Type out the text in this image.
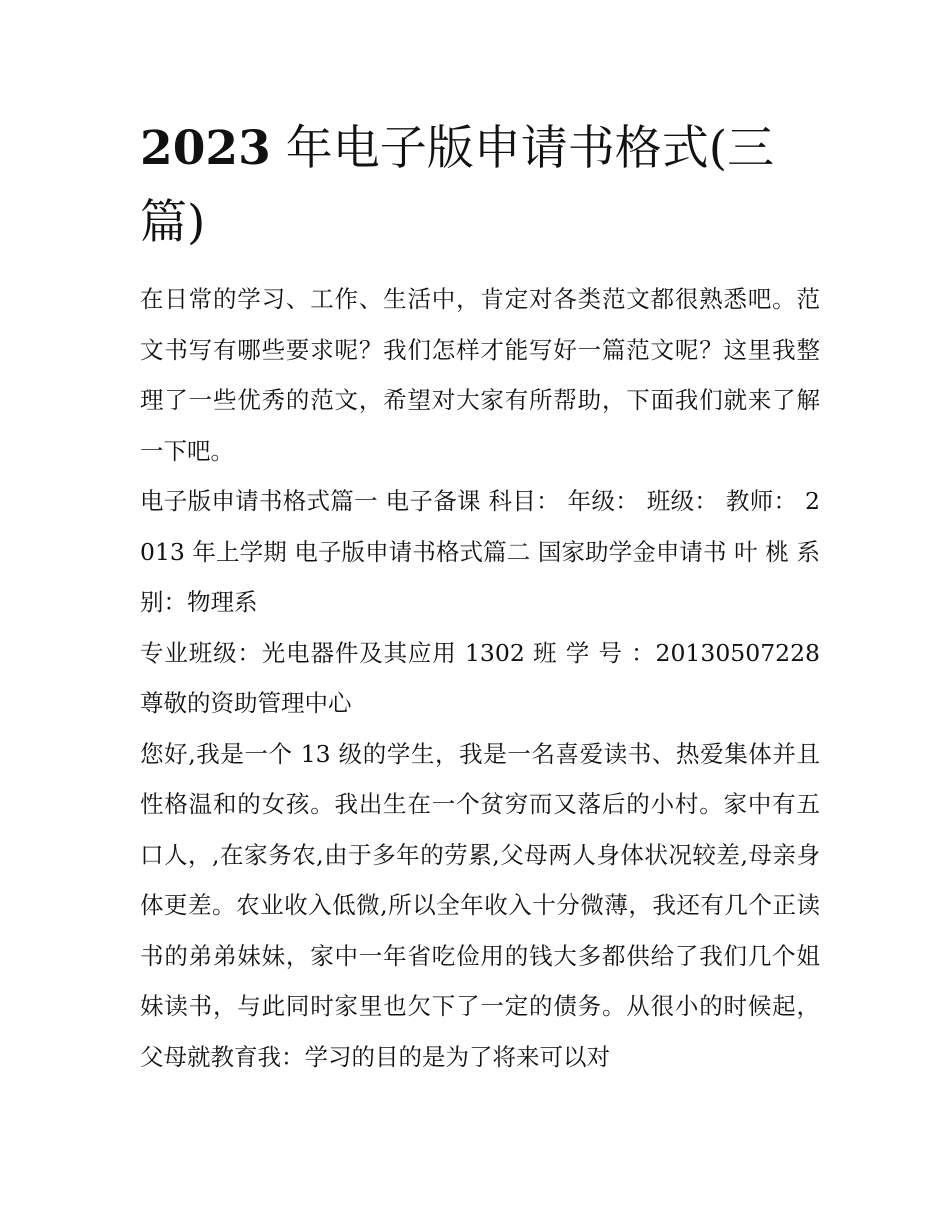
2023 年电子版申请书格式(三篇)

在日常的学习、工作、生活中，肯定对各类范文都很熟悉吧。范文书写有哪些要求呢？我们怎样才能写好一篇范文呢？这里我整理了一些优秀的范文，希望对大家有所帮助，下面我们就来了解一下吧。

电子版申请书格式篇一 电子备课 科目： 年级： 班级： 教师： 2013 年上学期 电子版申请书格式篇二 国家助学金申请书 叶 桃 系 别：物理系

专业班级：光电器件及其应用 1302 班 学 号 ：20130507228 尊敬的资助管理中心

您好,我是一个 13 级的学生，我是一名喜爱读书、热爱集体并且性格温和的女孩。我出生在一个贫穷而又落后的小村。家中有五口人，,在家务农,由于多年的劳累,父母两人身体状况较差,母亲身体更差。农业收入低微,所以全年收入十分微薄，我还有几个正读书的弟弟妹妹，家中一年省吃俭用的钱大多都供给了我们几个姐妹读书，与此同时家里也欠下了一定的债务。从很小的时候起，父母就教育我：学习的目的是为了将来可以对
